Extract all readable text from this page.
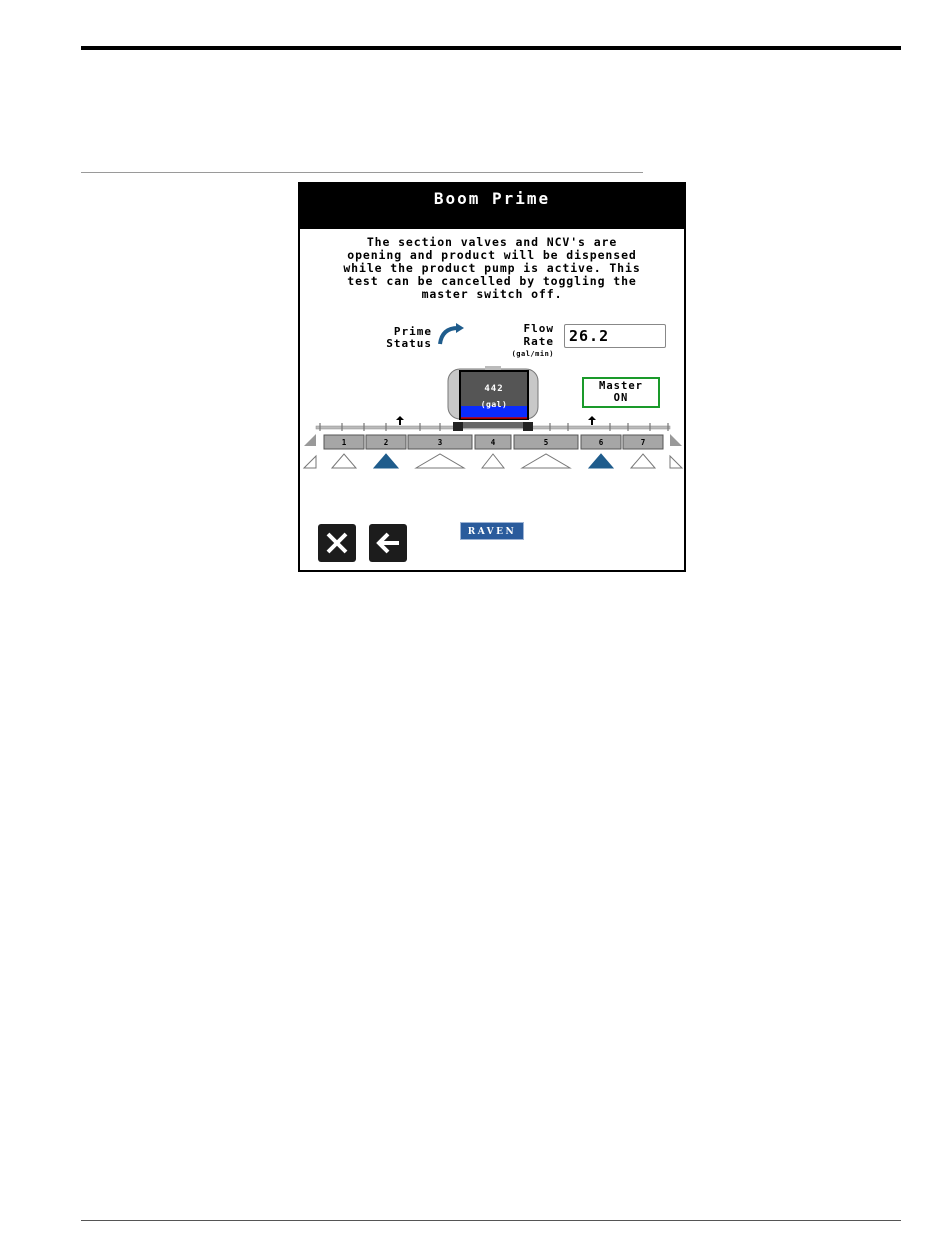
Boom Prime
The section valves and NCV's are
opening and product will be dispensed
while the product pump is active. This
test can be cancelled by toggling the
master switch off.
Prime
Status
Flow
Rate
(gal/min)
26.2
Master
ON
442
(gal)
1	2	3	4	5	6	7
RAVEN
